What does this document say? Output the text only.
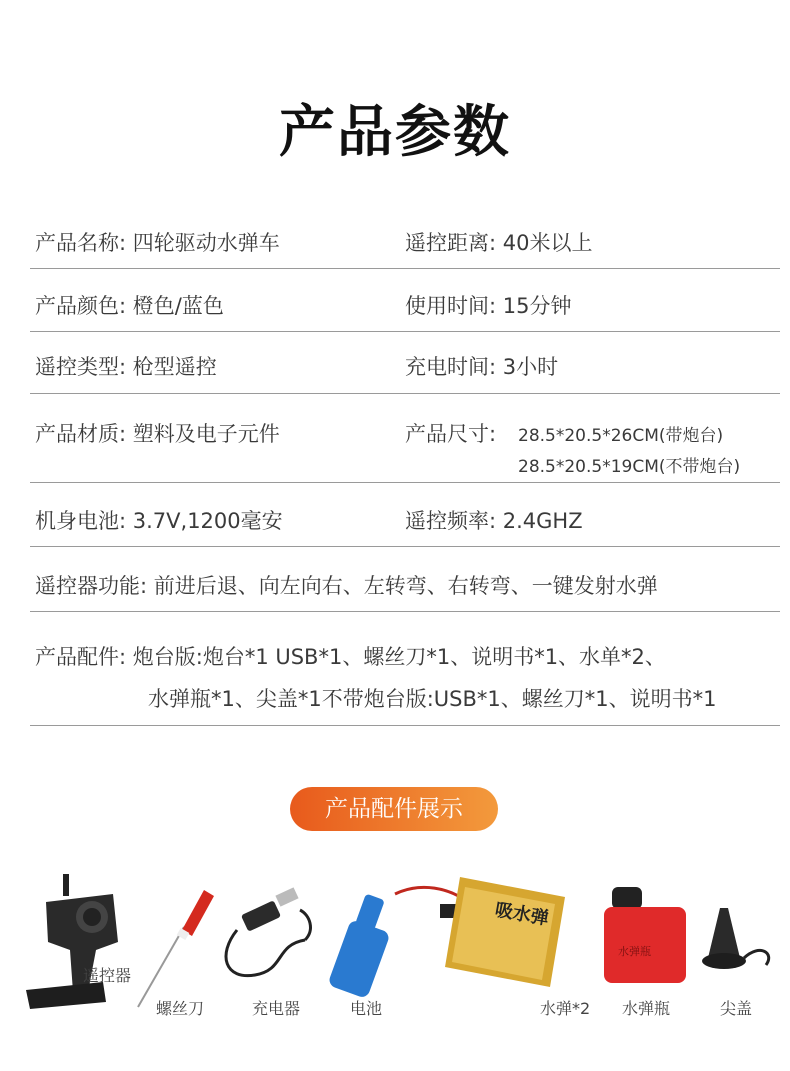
产品参数
产品名称: 四轮驱动水弹车	遥控距离: 40米以上
产品颜色: 橙色/蓝色	使用时间: 15分钟
遥控类型: 枪型遥控	充电时间: 3小时
产品材质: 塑料及电子元件	产品尺寸: 28.5*20.5*26CM(带炮台)
28.5*20.5*19CM(不带炮台)
机身电池: 3.7V,1200毫安	遥控频率: 2.4GHZ
遥控器功能: 前进后退、向左向右、左转弯、右转弯、一键发射水弹
产品配件: 炮台版:炮台*1 USB*1、螺丝刀*1、说明书*1、水单*2、
水弹瓶*1、尖盖*1不带炮台版:USB*1、螺丝刀*1、说明书*1
产品配件展示
遥控器
螺丝刀	充电器	电池
吸水弹
水弹*2
水弹瓶
水弹瓶	尖盖
